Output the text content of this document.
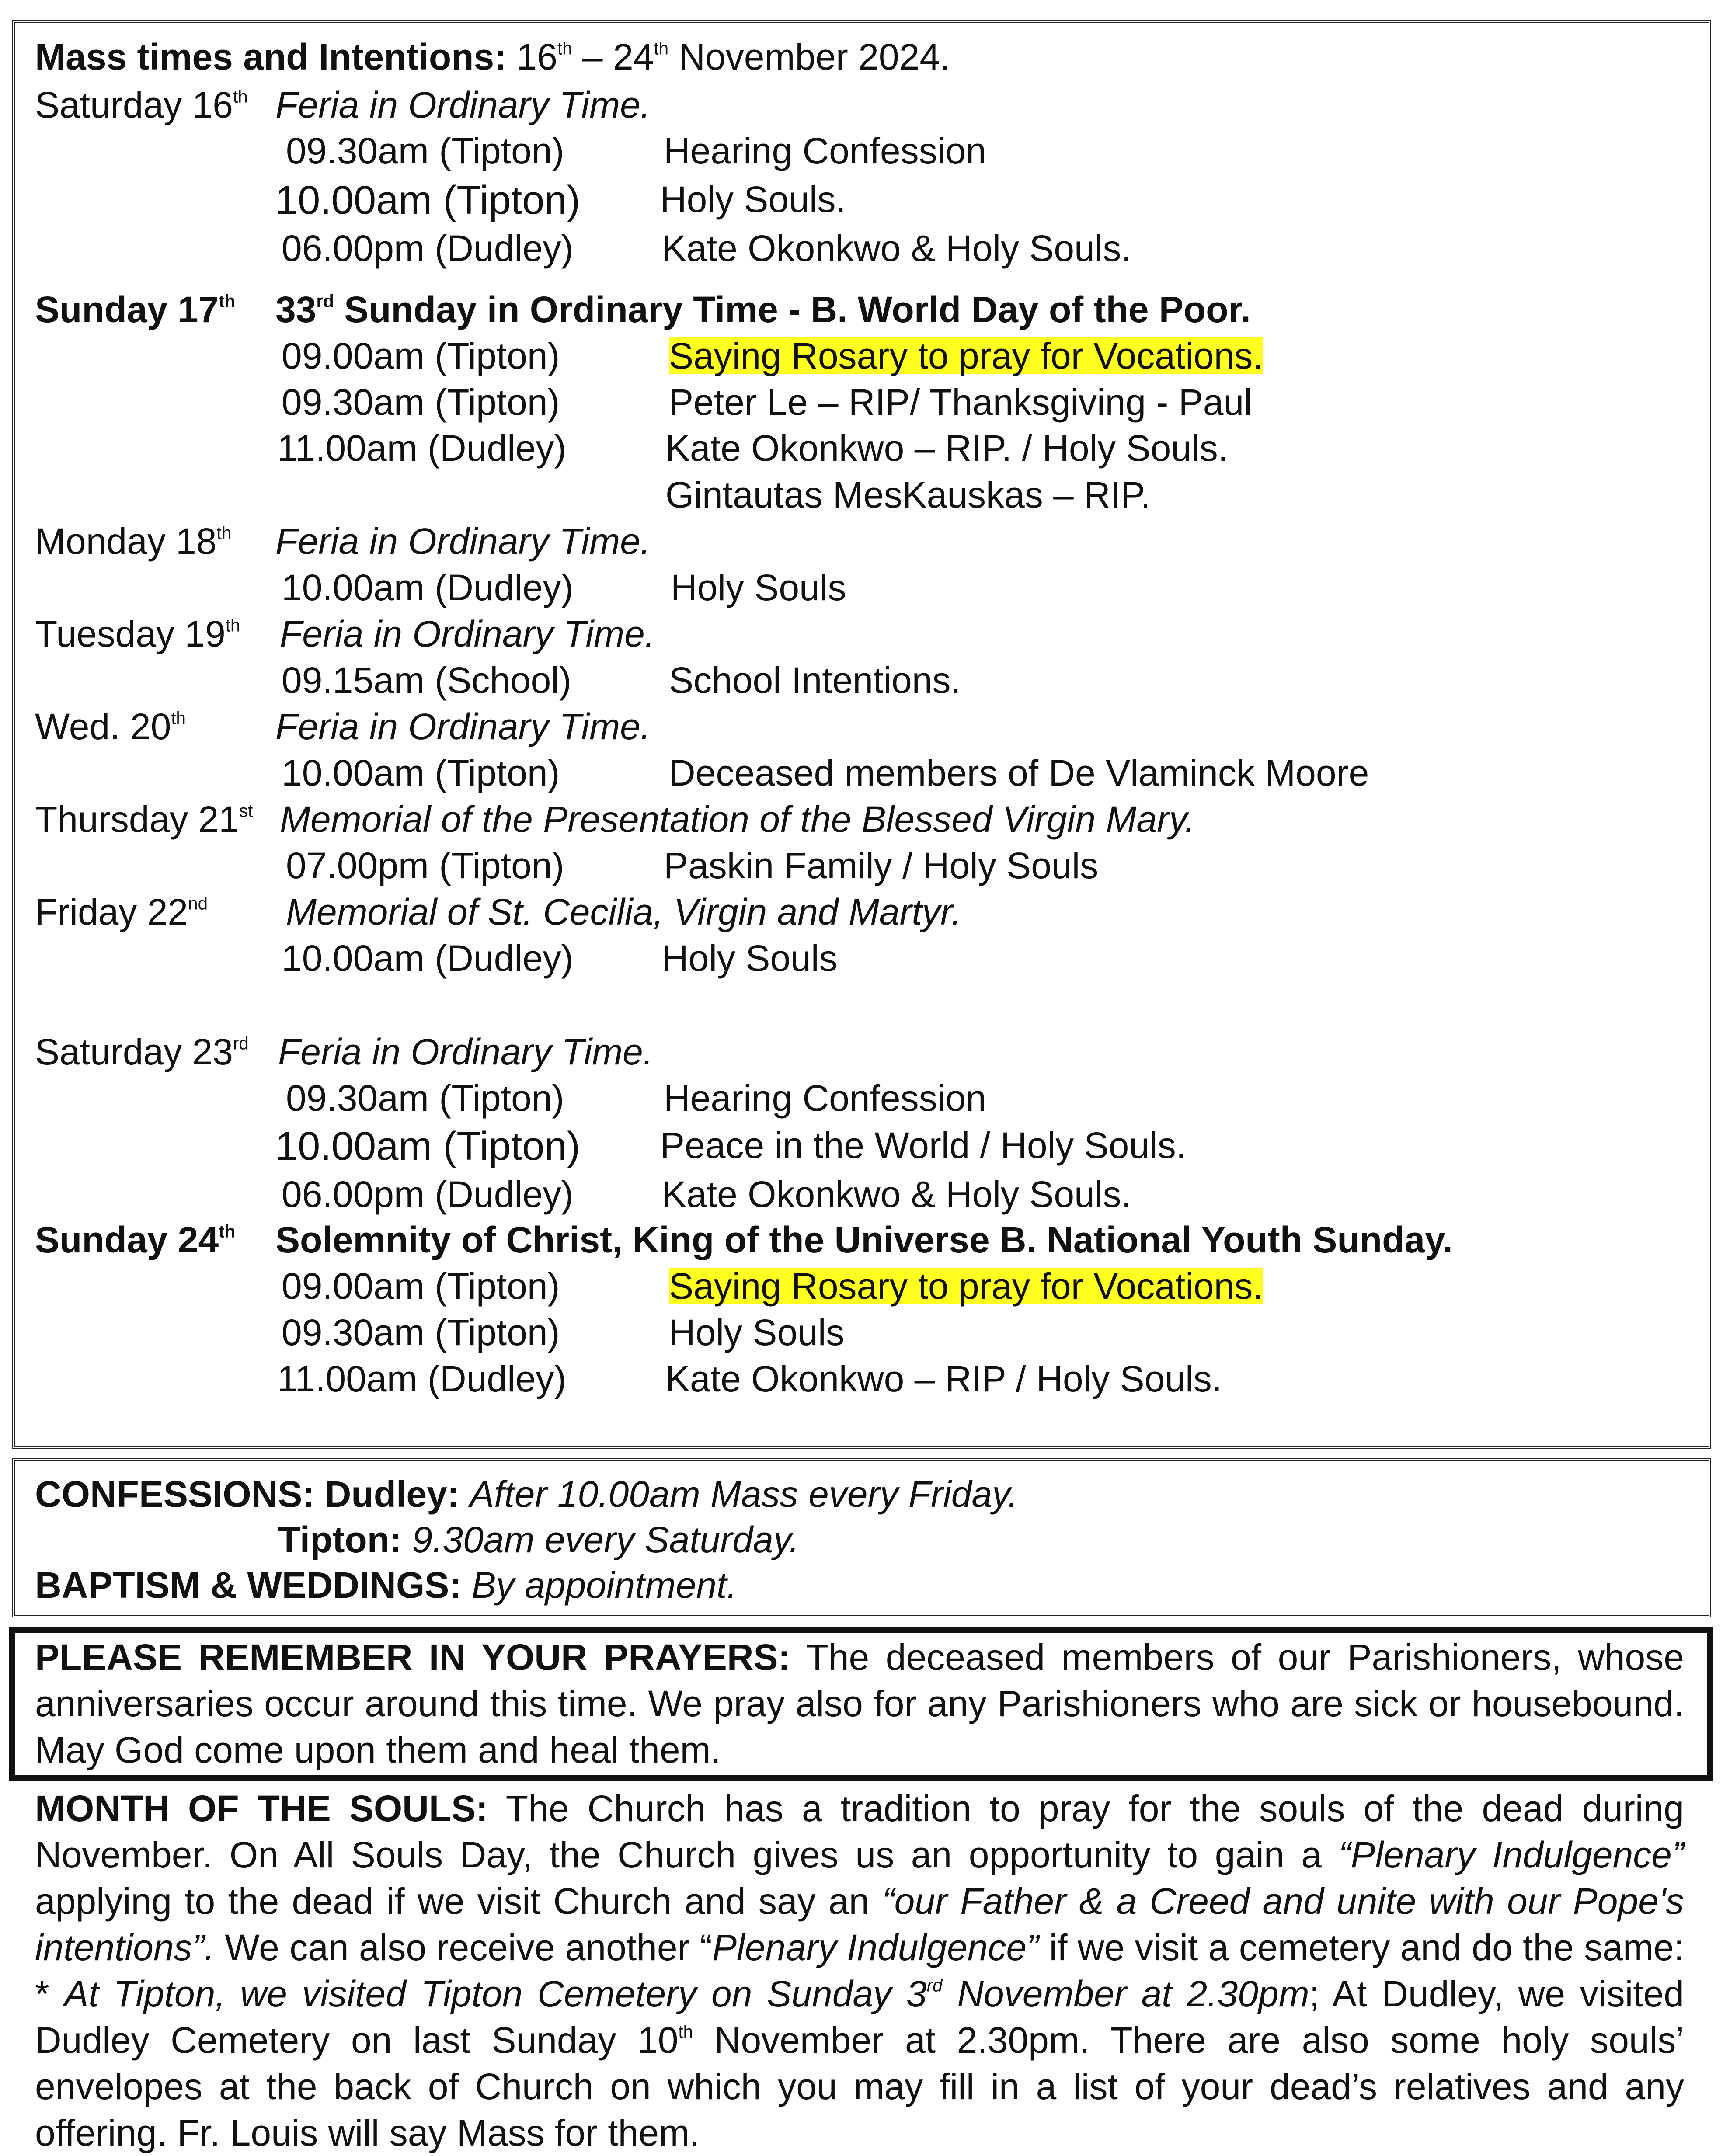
Mass times and Intentions: 16th – 24th November 2024.
Saturday 16th Feria in Ordinary Time.
09.30am (Tipton)	Hearing Confession
10.00am (Tipton) Holy Souls.
06.00pm (Dudley) Kate Okonkwo & Holy Souls.
Sunday 17th 33rd Sunday in Ordinary Time - B. World Day of the Poor.
09.00am (Tipton)	Saying Rosary to pray for Vocations.
09.30am (Tipton)	Peter Le – RIP/ Thanksgiving - Paul
11.00am (Dudley)	Kate Okonkwo – RIP. / Holy Souls.
Gintautas MesKauskas – RIP.
Monday 18th Feria in Ordinary Time.
10.00am (Dudley)	Holy Souls
Tuesday 19th Feria in Ordinary Time.
09.15am (School)	School Intentions.
Wed. 20th Feria in Ordinary Time.
10.00am (Tipton)	Deceased members of De Vlaminck Moore
Thursday 21st Memorial of the Presentation of the Blessed Virgin Mary.
07.00pm (Tipton)	Paskin Family / Holy Souls
Friday 22nd Memorial of St. Cecilia, Virgin and Martyr.
10.00am (Dudley) Holy Souls
Saturday 23rd Feria in Ordinary Time.
09.30am (Tipton)	Hearing Confession
10.00am (Tipton) Peace in the World / Holy Souls.
06.00pm (Dudley) Kate Okonkwo & Holy Souls.
Sunday 24th Solemnity of Christ, King of the Universe B. National Youth Sunday.
09.00am (Tipton)	Saying Rosary to pray for Vocations.
09.30am (Tipton)	Holy Souls
11.00am (Dudley)	Kate Okonkwo – RIP / Holy Souls.
CONFESSIONS: Dudley: After 10.00am Mass every Friday.
Tipton: 9.30am every Saturday.
BAPTISM & WEDDINGS: By appointment.
PLEASE REMEMBER IN YOUR PRAYERS: The deceased members of our Parishioners, whose anniversaries occur around this time. We pray also for any Parishioners who are sick or housebound. May God come upon them and heal them.
MONTH OF THE SOULS: The Church has a tradition to pray for the souls of the dead during November. On All Souls Day, the Church gives us an opportunity to gain a “Plenary Indulgence” applying to the dead if we visit Church and say an “our Father & a Creed and unite with our Pope's intentions”. We can also receive another “Plenary Indulgence” if we visit a cemetery and do the same: * At Tipton, we visited Tipton Cemetery on Sunday 3rd November at 2.30pm; At Dudley, we visited Dudley Cemetery on last Sunday 10th November at 2.30pm. There are also some holy souls’ envelopes at the back of Church on which you may fill in a list of your dead’s relatives and any offering. Fr. Louis will say Mass for them.
